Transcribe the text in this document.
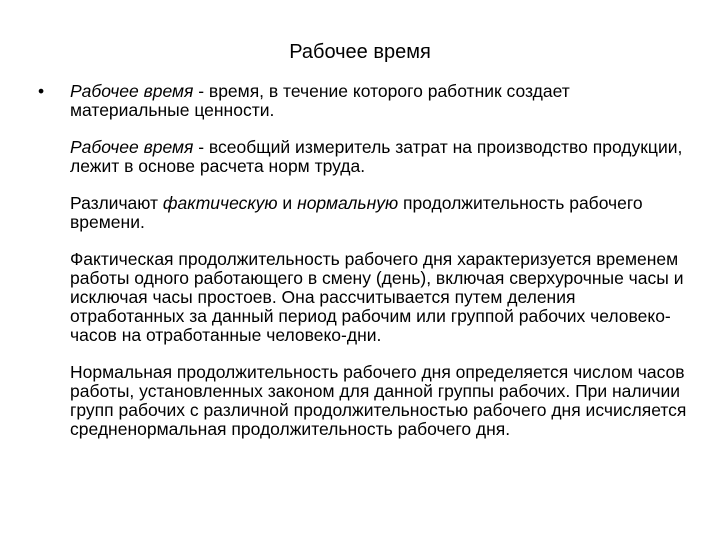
Рабочее время

• Рабочее время - время, в течение которого работник создает материальные ценности.

Рабочее время - всеобщий измеритель затрат на производство продукции, лежит в основе расчета норм труда.

Различают фактическую и нормальную продолжительность рабочего времени.

Фактическая продолжительность рабочего дня характеризуется временем работы одного работающего в смену (день), включая сверхурочные часы и исключая часы простоев. Она рассчитывается путем деления отработанных за данный период рабочим или группой рабочих человеко-часов на отработанные человеко-дни.

Нормальная продолжительность рабочего дня определяется числом часов работы, установленных законом для данной группы рабочих. При наличии групп рабочих с различной продолжительностью рабочего дня исчисляется средненормальная продолжительность рабочего дня.
